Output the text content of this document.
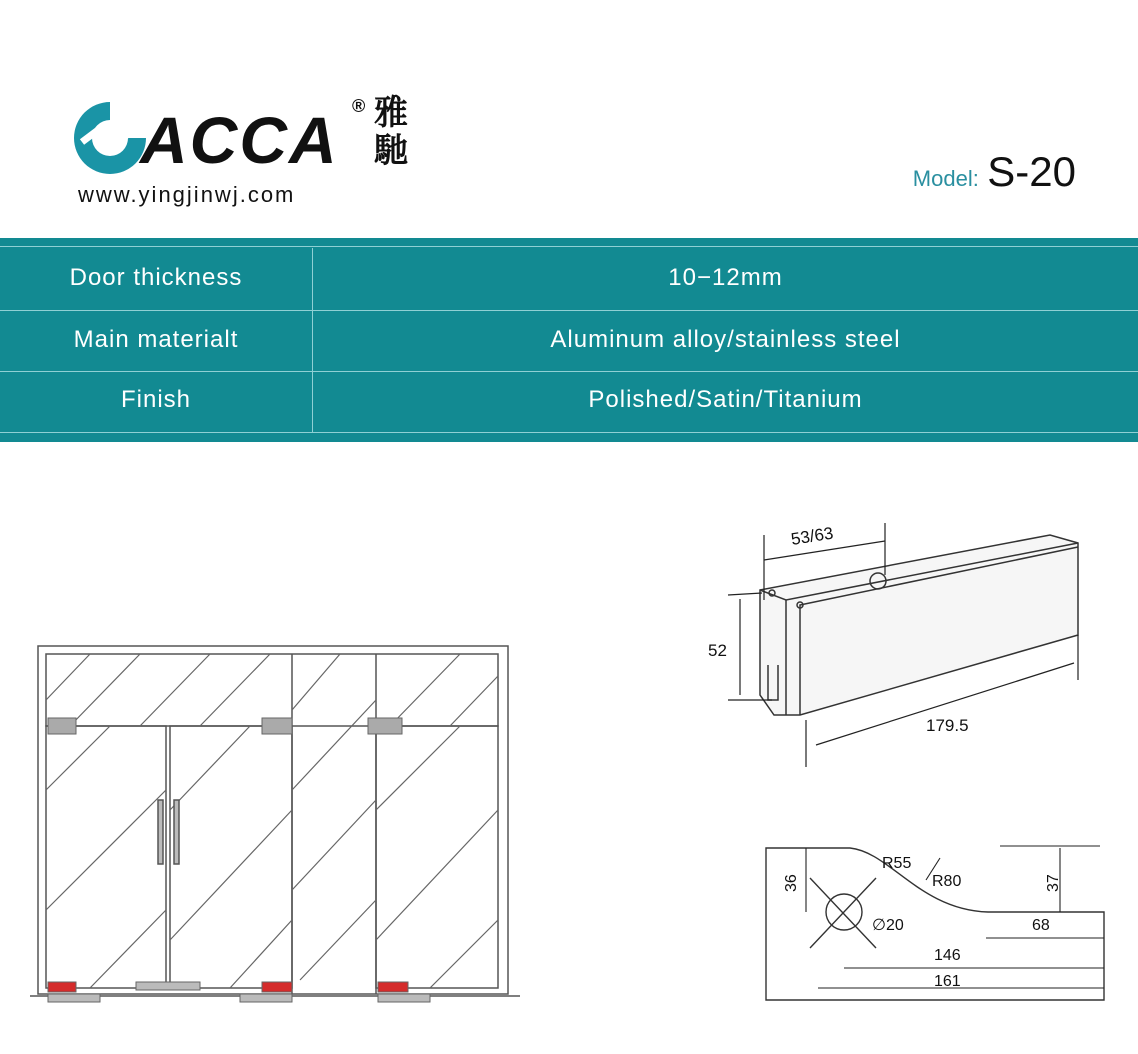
ACCA ® 雅馳
www.yingjinwj.com
Model: S-20
Door thickness	10−12mm
Main materialt	Aluminum alloy/stainless steel
Finish	Polished/Satin/Titanium
53/63
52
179.5
R55
R80
36	37
∅20	68
146
161
